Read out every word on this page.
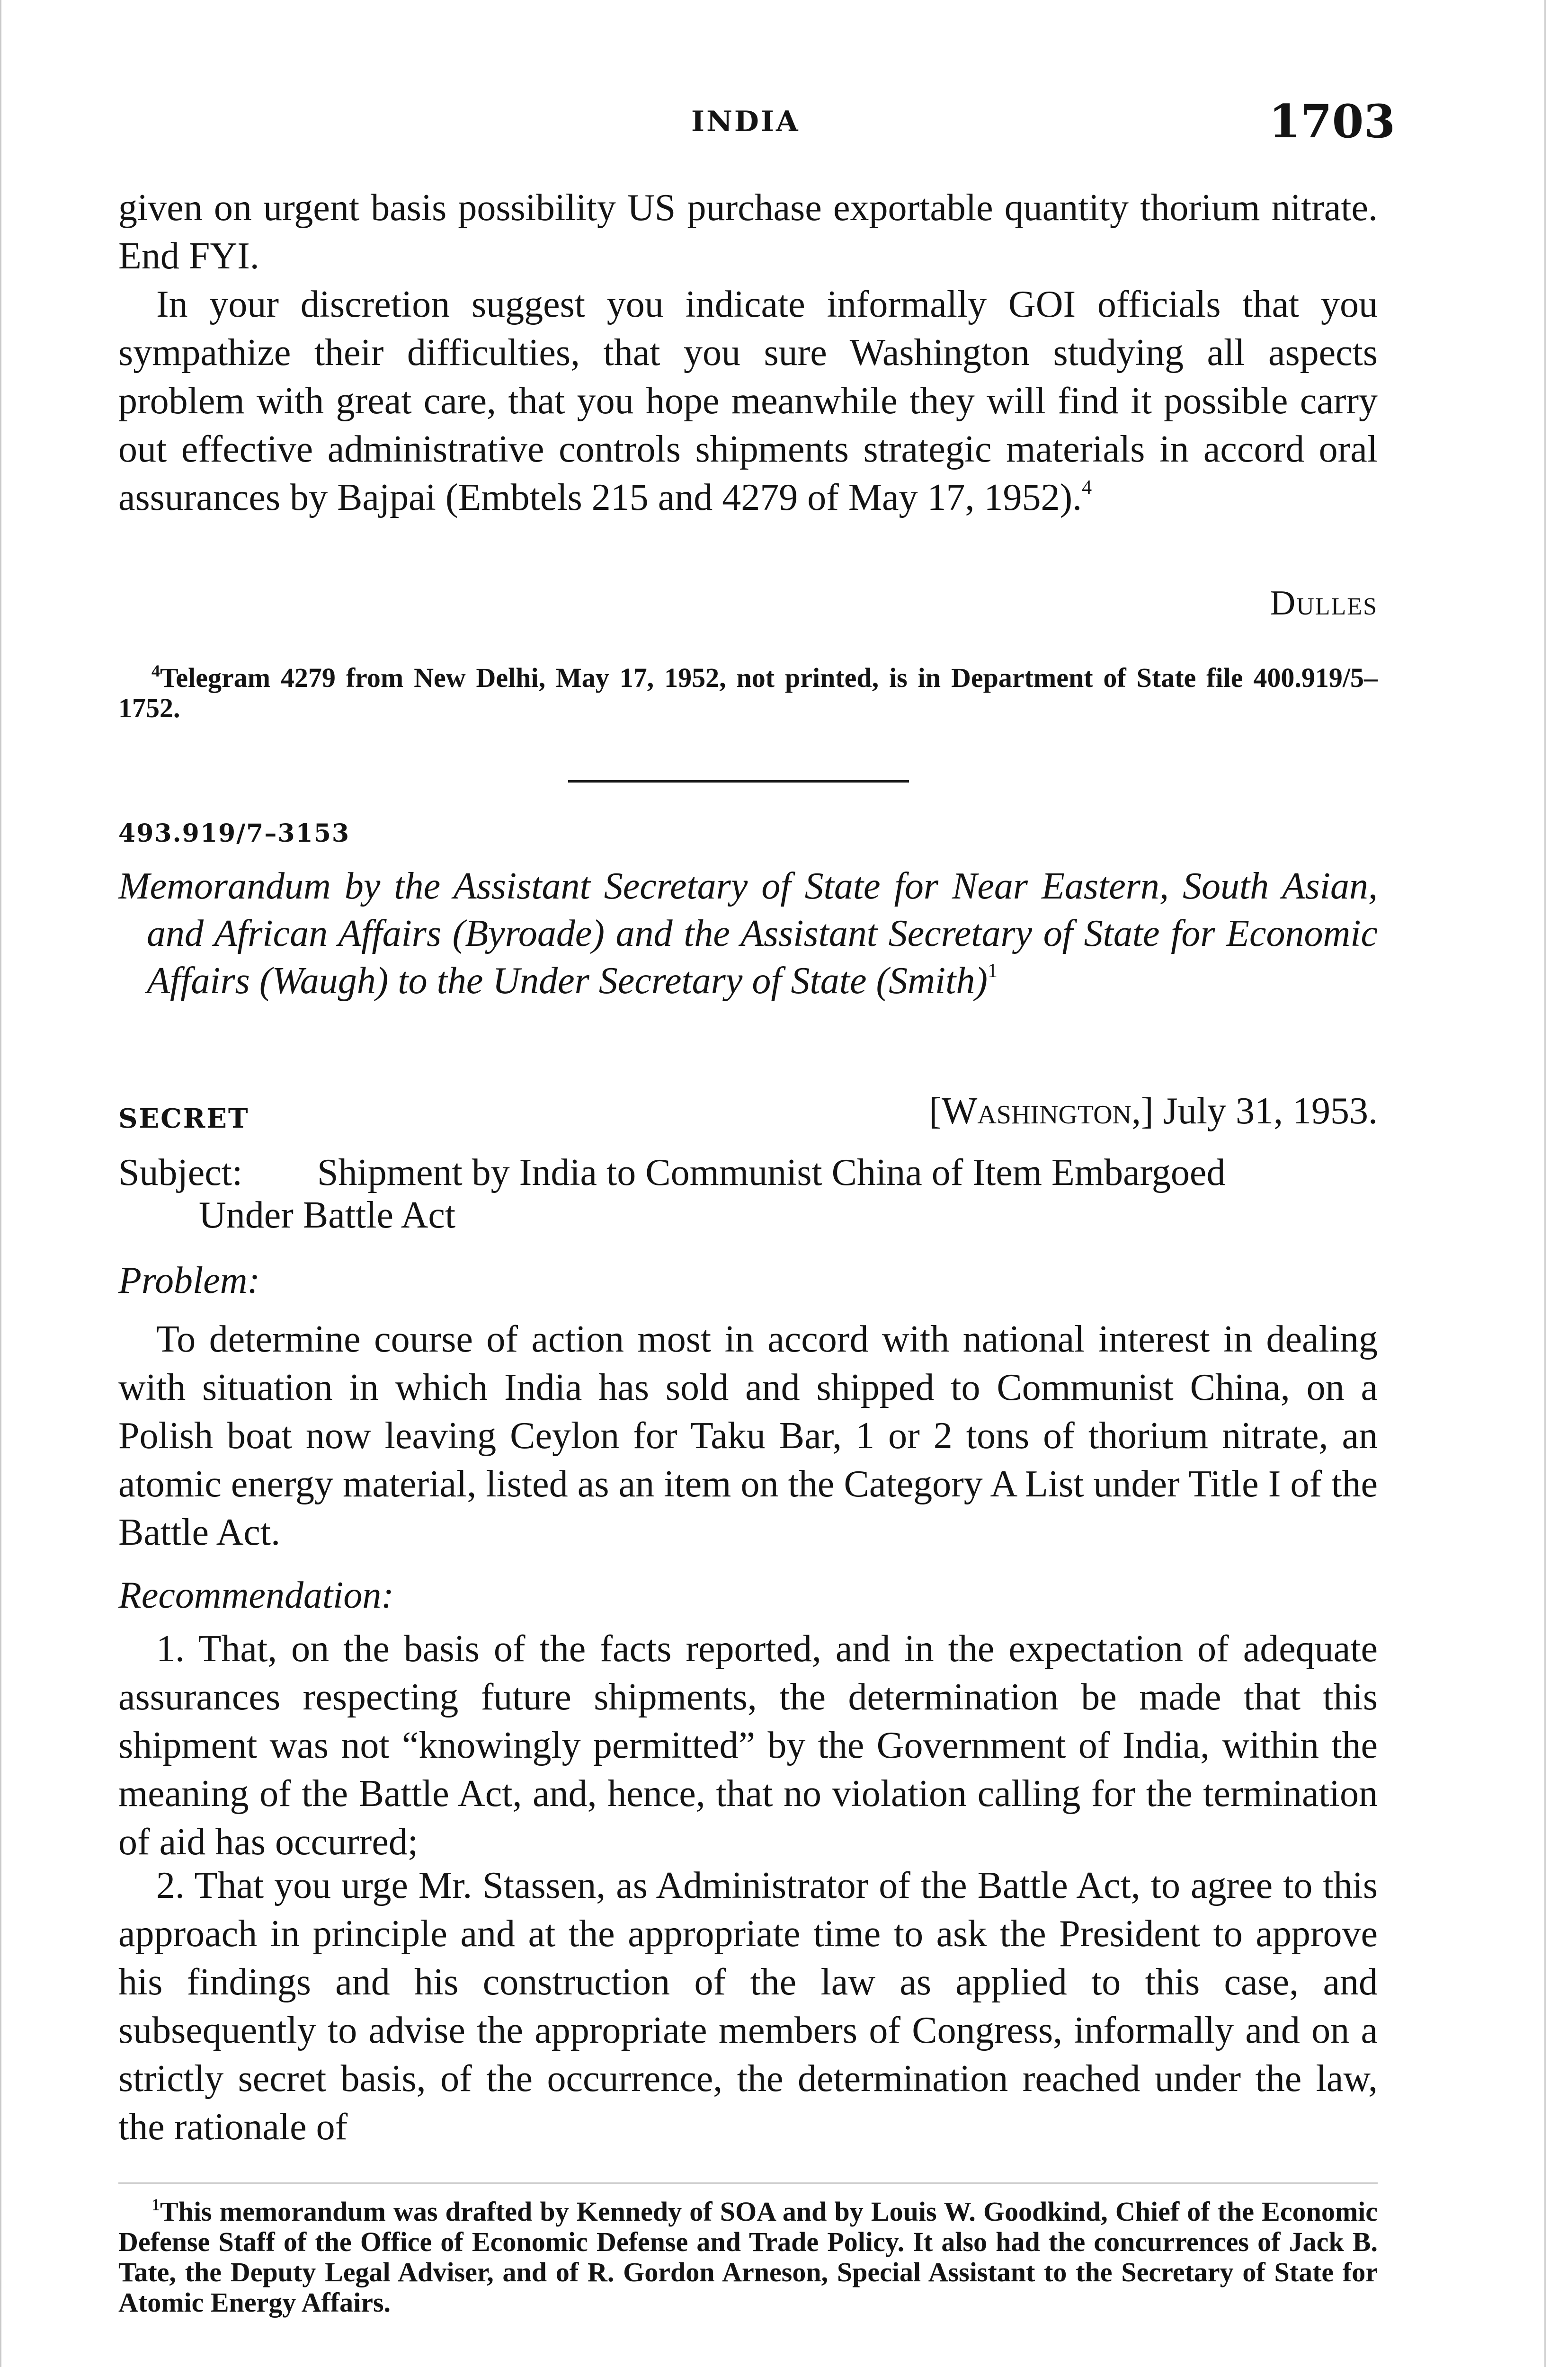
INDIA	1703

given on urgent basis possibility US purchase exportable quantity thorium nitrate. End FYI.

In your discretion suggest you indicate informally GOI officials that you sympathize their difficulties, that you sure Washington studying all aspects problem with great care, that you hope meanwhile they will find it possible carry out effective administrative controls shipments strategic materials in accord oral assurances by Bajpai (Embtels 215 and 4279 of May 17, 1952).$^4$

Dulles

$^4$Telegram 4279 from New Delhi, May 17, 1952, not printed, is in Department of State file 400.919/5–1752.

493.919/7–3153

Memorandum by the Assistant Secretary of State for Near Eastern, South Asian, and African Affairs (Byroade) and the Assistant Secretary of State for Economic Affairs (Waugh) to the Under Secretary of State (Smith)$^1$

SECRET	[Washington,] July 31, 1953.
Subject: Shipment by India to Communist China of Item Embargoed
Under Battle Act
Problem:

To determine course of action most in accord with national interest in dealing with situation in which India has sold and shipped to Communist China, on a Polish boat now leaving Ceylon for Taku Bar, 1 or 2 tons of thorium nitrate, an atomic energy material, listed as an item on the Category A List under Title I of the Battle Act.

Recommendation:

1. That, on the basis of the facts reported, and in the expectation of adequate assurances respecting future shipments, the determination be made that this shipment was not “knowingly permitted” by the Government of India, within the meaning of the Battle Act, and, hence, that no violation calling for the termination of aid has occurred;

2. That you urge Mr. Stassen, as Administrator of the Battle Act, to agree to this approach in principle and at the appropriate time to ask the President to approve his findings and his construction of the law as applied to this case, and subsequently to advise the appropriate members of Congress, informally and on a strictly secret basis, of the occurrence, the determination reached under the law, the rationale of

$^1$This memorandum was drafted by Kennedy of SOA and by Louis W. Goodkind, Chief of the Economic Defense Staff of the Office of Economic Defense and Trade Policy. It also had the concurrences of Jack B. Tate, the Deputy Legal Adviser, and of R. Gordon Arneson, Special Assistant to the Secretary of State for Atomic Energy Affairs.
